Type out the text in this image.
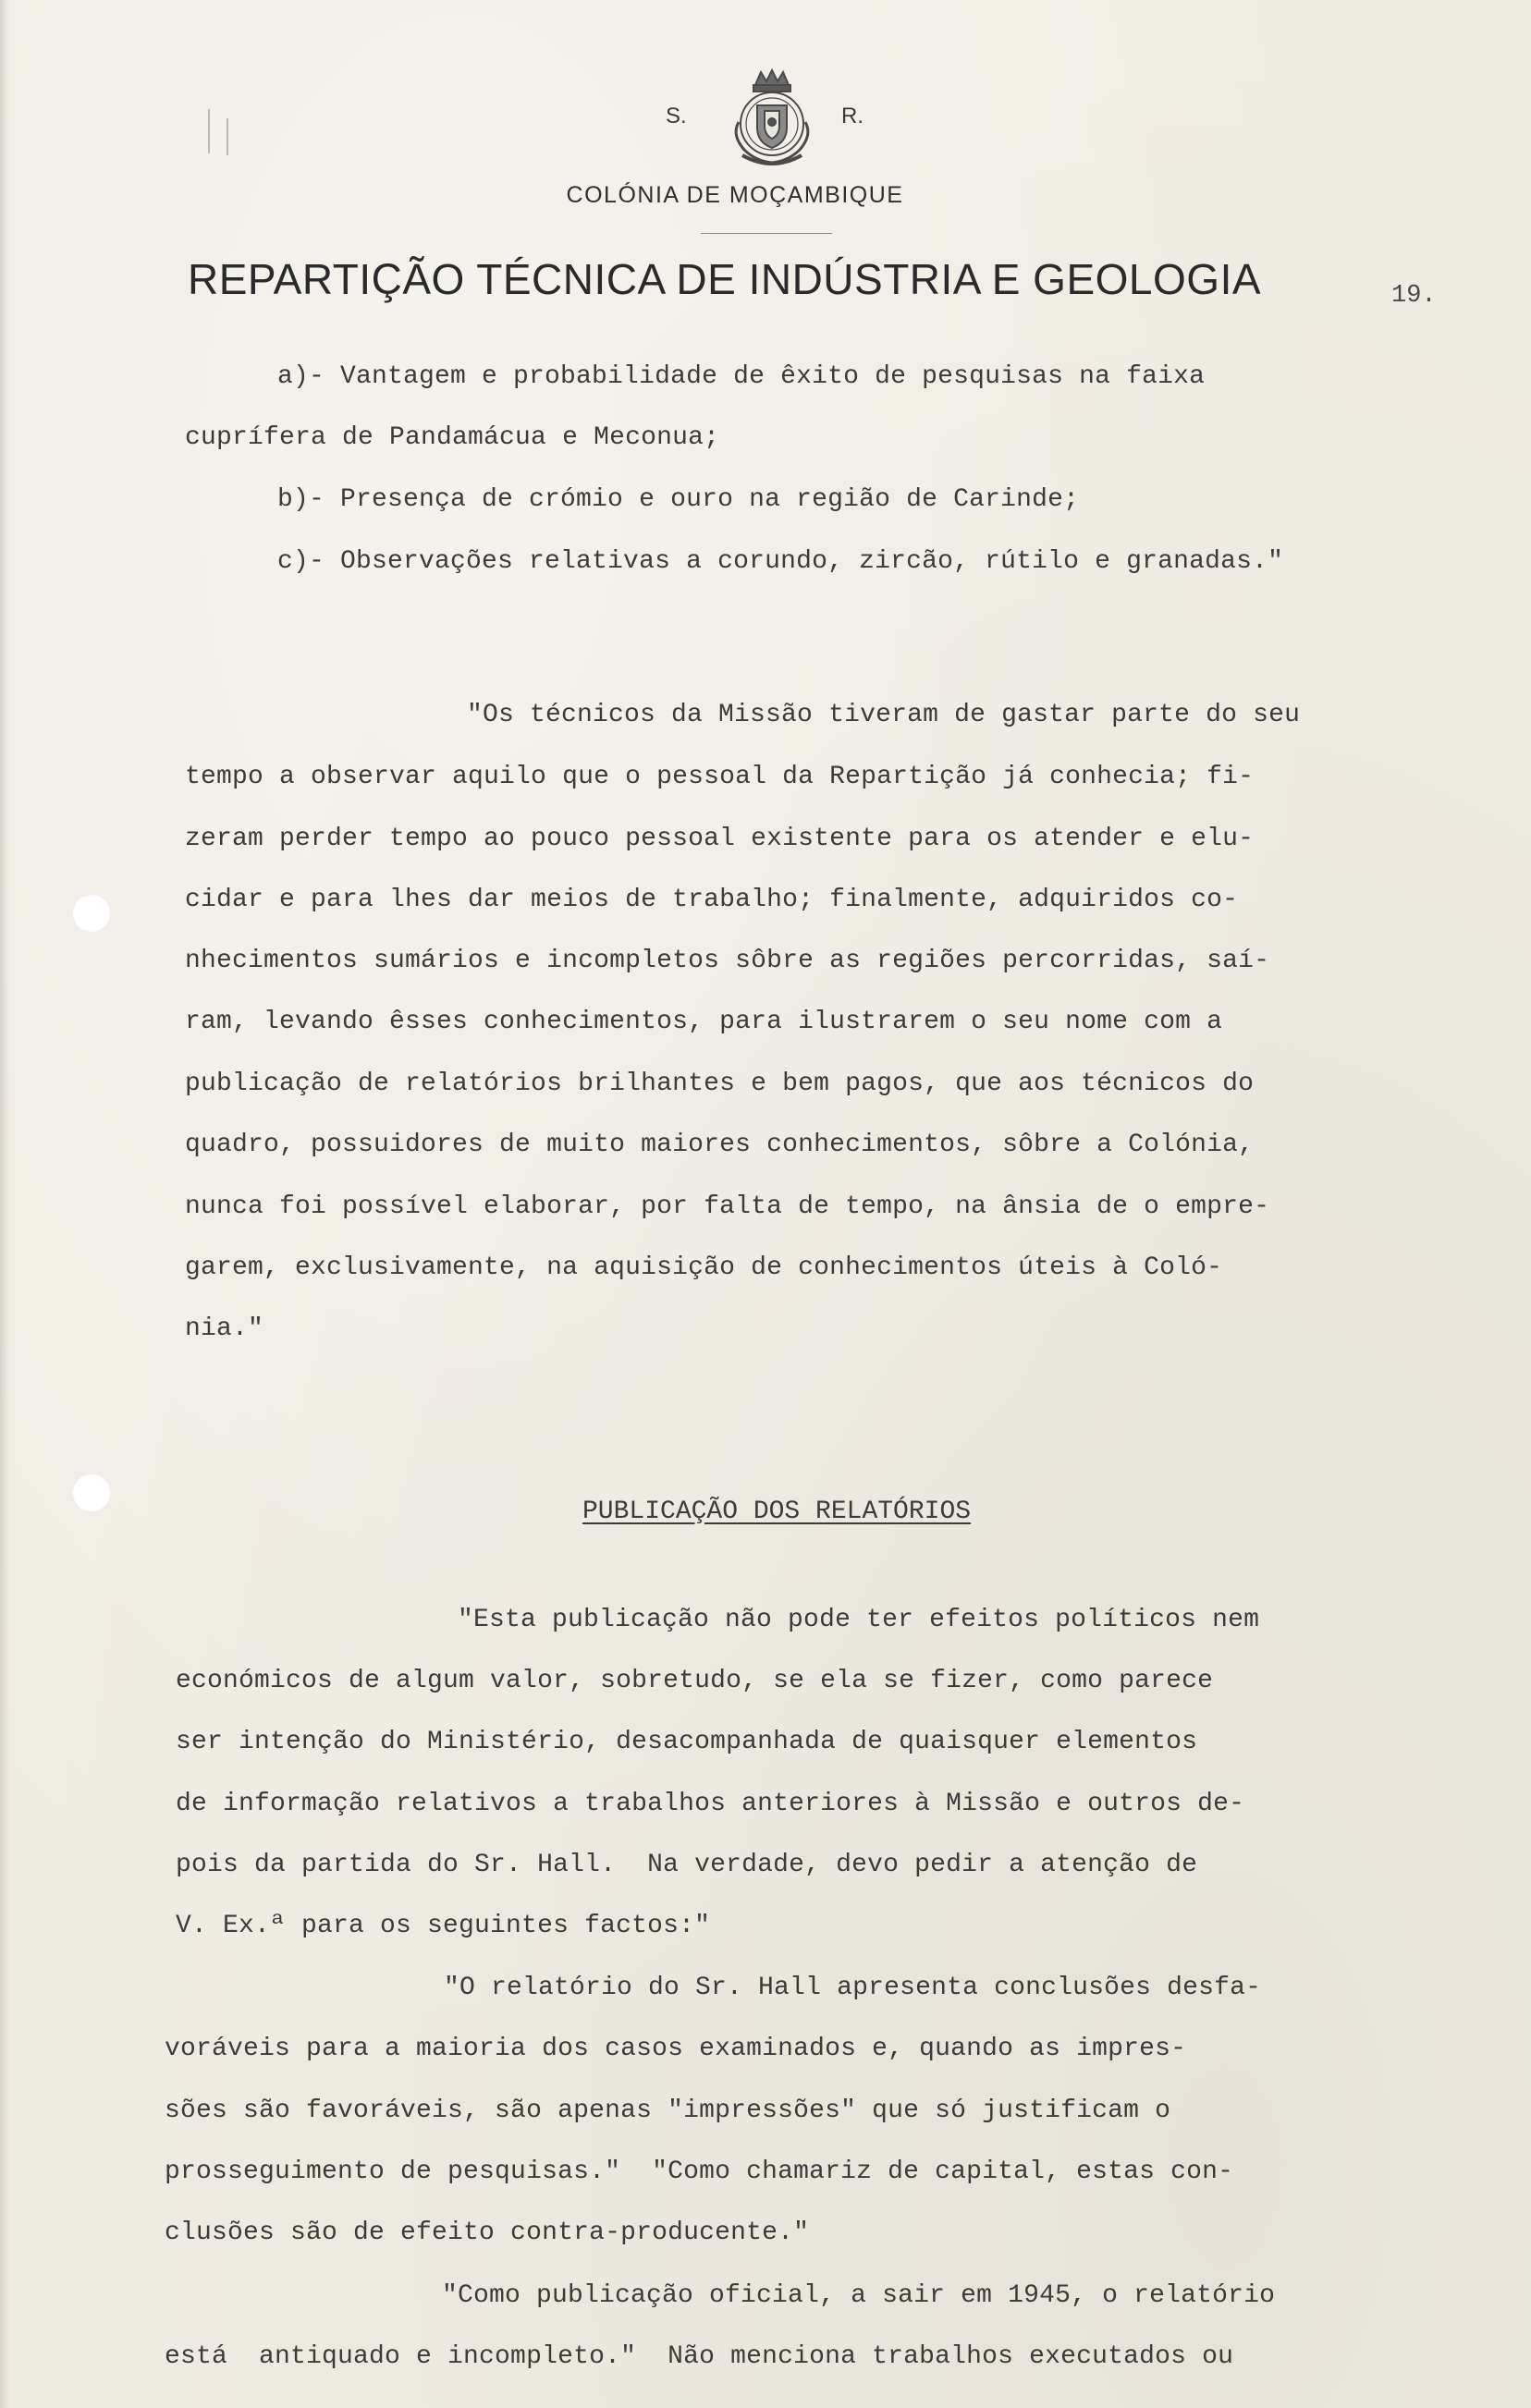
S.	R.
COLÓNIA DE MOÇAMBIQUE
REPARTIÇÃO TÉCNICA DE INDÚSTRIA E GEOLOGIA	19.
a)- Vantagem e probabilidade de êxito de pesquisas na faixa
cuprífera de Pandamácua e Meconua;
b)- Presença de crómio e ouro na região de Carinde;
c)- Observações relativas a corundo, zircão, rútilo e granadas."
"Os técnicos da Missão tiveram de gastar parte do seu
tempo a observar aquilo que o pessoal da Repartição já conhecia; fi-
zeram perder tempo ao pouco pessoal existente para os atender e elu-
cidar e para lhes dar meios de trabalho; finalmente, adquiridos co-
nhecimentos sumários e incompletos sôbre as regiões percorridas, saí-
ram, levando êsses conhecimentos, para ilustrarem o seu nome com a
publicação de relatórios brilhantes e bem pagos, que aos técnicos do
quadro, possuidores de muito maiores conhecimentos, sôbre a Colónia,
nunca foi possível elaborar, por falta de tempo, na ânsia de o empre-
garem, exclusivamente, na aquisição de conhecimentos úteis à Coló-
nia."
PUBLICAÇÃO DOS RELATÓRIOS
"Esta publicação não pode ter efeitos políticos nem
económicos de algum valor, sobretudo, se ela se fizer, como parece
ser intenção do Ministério, desacompanhada de quaisquer elementos
de informação relativos a trabalhos anteriores à Missão e outros de-
pois da partida do Sr. Hall.  Na verdade, devo pedir a atenção de
V. Ex.ª para os seguintes factos:"
"O relatório do Sr. Hall apresenta conclusões desfa-
voráveis para a maioria dos casos examinados e, quando as impres-
sões são favoráveis, são apenas "impressões" que só justificam o
prosseguimento de pesquisas."  "Como chamariz de capital, estas con-
clusões são de efeito contra-producente."
"Como publicação oficial, a sair em 1945, o relatório
está  antiquado e incompleto."  Não menciona trabalhos executados ou
